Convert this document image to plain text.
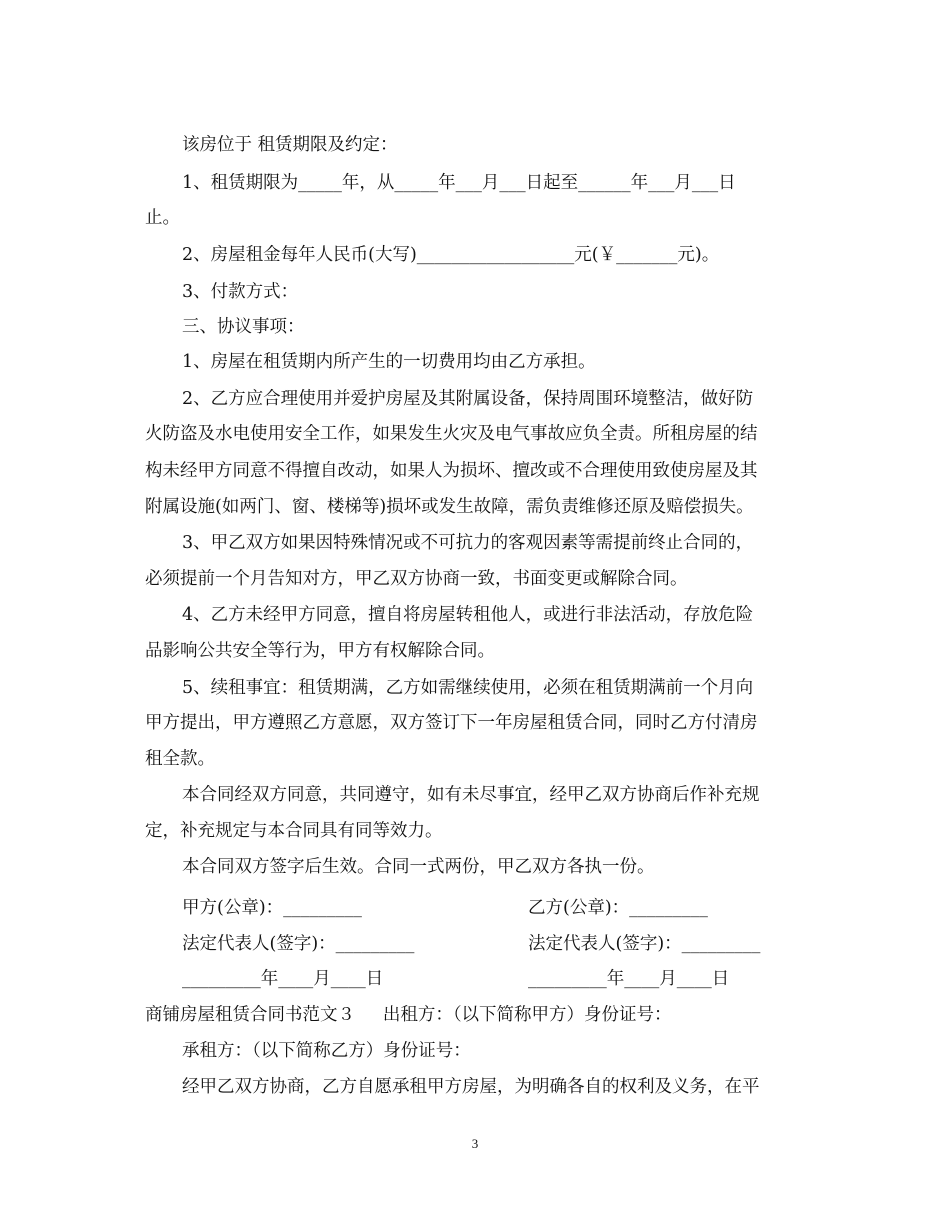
该房位于 租赁期限及约定：
1、租赁期限为_____年，从_____年___月___日起至______年___月___日
止。
2、房屋租金每年人民币(大写)__________________元(￥_______元)。
3、付款方式：
三、协议事项：
1、房屋在租赁期内所产生的一切费用均由乙方承担。
2、乙方应合理使用并爱护房屋及其附属设备，保持周围环境整洁，做好防
火防盗及水电使用安全工作，如果发生火灾及电气事故应负全责。所租房屋的结
构未经甲方同意不得擅自改动，如果人为损坏、擅改或不合理使用致使房屋及其
附属设施(如两门、窗、楼梯等)损坏或发生故障，需负责维修还原及赔偿损失。
3、甲乙双方如果因特殊情况或不可抗力的客观因素等需提前终止合同的，
必须提前一个月告知对方，甲乙双方协商一致，书面变更或解除合同。
4、乙方未经甲方同意，擅自将房屋转租他人，或进行非法活动，存放危险
品影响公共安全等行为，甲方有权解除合同。
5、续租事宜：租赁期满，乙方如需继续使用，必须在租赁期满前一个月向
甲方提出，甲方遵照乙方意愿，双方签订下一年房屋租赁合同，同时乙方付清房
租全款。
本合同经双方同意，共同遵守，如有未尽事宜，经甲乙双方协商后作补充规
定，补充规定与本合同具有同等效力。
本合同双方签字后生效。合同一式两份，甲乙双方各执一份。
甲方(公章)：_________	乙方(公章)：_________
法定代表人(签字)：_________	法定代表人(签字)：_________
_________年____月____日	_________年____月____日
商铺房屋租赁合同书范文３     出租方：（以下简称甲方）身份证号：
承租方：（以下简称乙方）身份证号：
经甲乙双方协商，乙方自愿承租甲方房屋，为明确各自的权利及义务，在平
3
